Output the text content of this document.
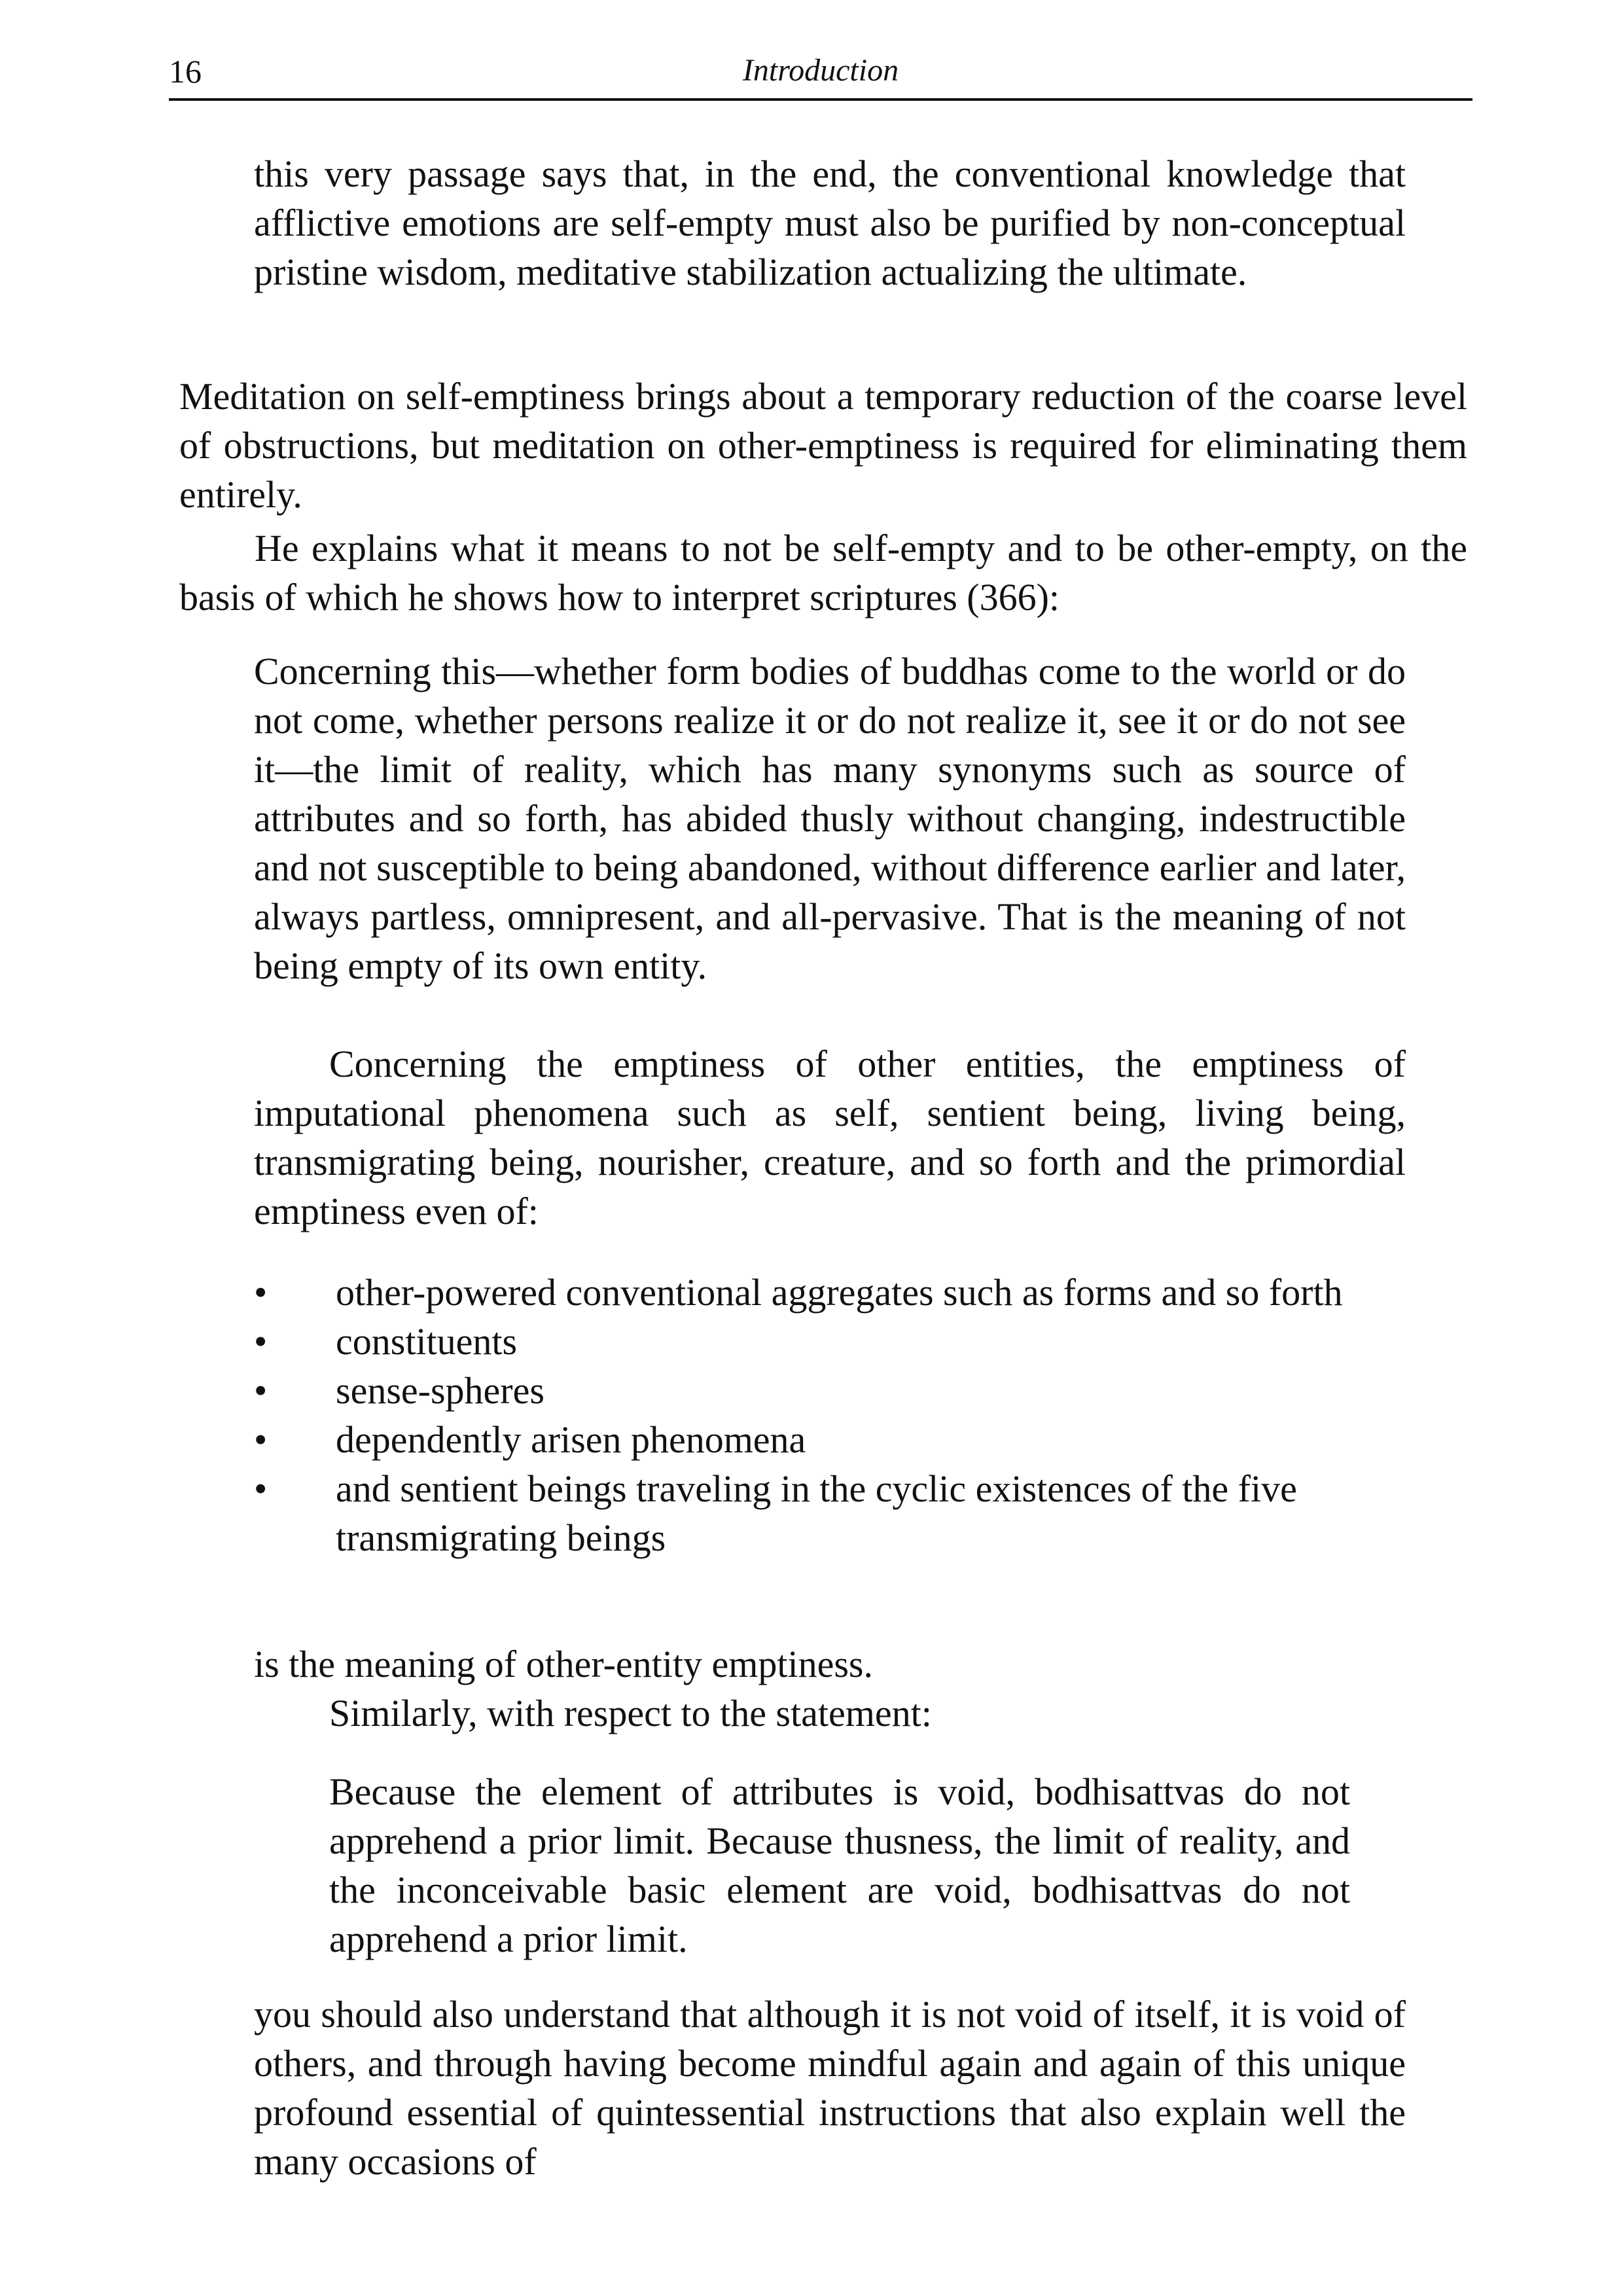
16	Introduction

this very passage says that, in the end, the conventional knowledge that afflictive emotions are self-empty must also be purified by non-conceptual pristine wisdom, meditative stabilization actualizing the ultimate.

Meditation on self-emptiness brings about a temporary reduction of the coarse level of obstructions, but meditation on other-emptiness is required for eliminating them entirely.

He explains what it means to not be self-empty and to be other-empty, on the basis of which he shows how to interpret scriptures (366):

Concerning this—whether form bodies of buddhas come to the world or do not come, whether persons realize it or do not realize it, see it or do not see it—the limit of reality, which has many synonyms such as source of attributes and so forth, has abided thusly without changing, indestructible and not susceptible to being abandoned, without difference earlier and later, always partless, omnipresent, and all-pervasive. That is the meaning of not being empty of its own entity.

Concerning the emptiness of other entities, the emptiness of imputational phenomena such as self, sentient being, living being, transmigrating being, nourisher, creature, and so forth and the primordial emptiness even of:

• other-powered conventional aggregates such as forms and so forth
• constituents
• sense-spheres
• dependently arisen phenomena
• and sentient beings traveling in the cyclic existences of the five transmigrating beings

is the meaning of other-entity emptiness.

Similarly, with respect to the statement:

Because the element of attributes is void, bodhisattvas do not apprehend a prior limit. Because thusness, the limit of reality, and the inconceivable basic element are void, bodhisattvas do not apprehend a prior limit.

you should also understand that although it is not void of itself, it is void of others, and through having become mindful again and again of this unique profound essential of quintessential instructions that also explain well the many occasions of
